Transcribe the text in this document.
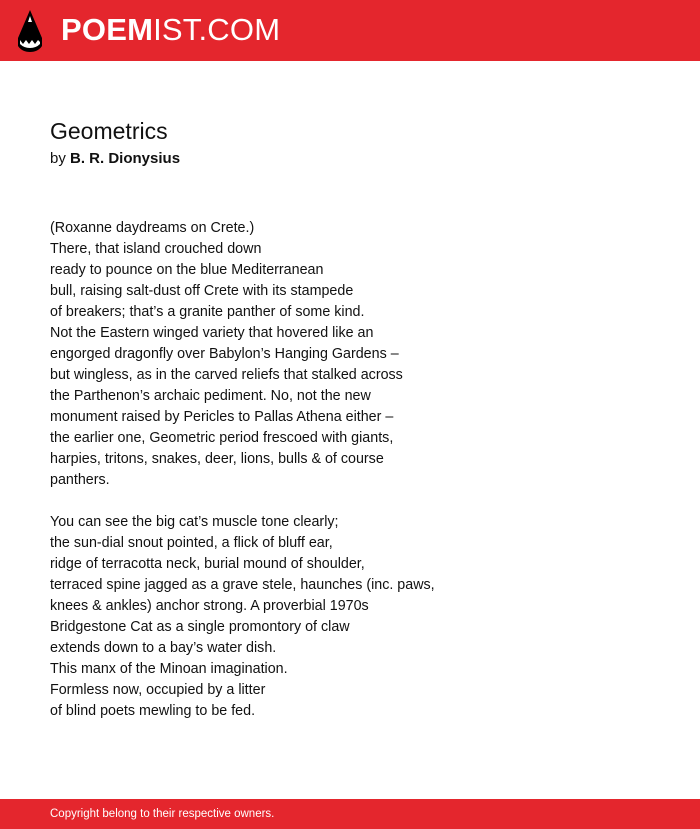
POEMIST.COM
Geometrics
by B. R. Dionysius
(Roxanne daydreams on Crete.)
There, that island crouched down
ready to pounce on the blue Mediterranean
bull, raising salt-dust off Crete with its stampede
of breakers; that’s a granite panther of some kind.
Not the Eastern winged variety that hovered like an
engorged dragonfly over Babylon’s Hanging Gardens –
but wingless, as in the carved reliefs that stalked across
the Parthenon’s archaic pediment. No, not the new
monument raised by Pericles to Pallas Athena either –
the earlier one, Geometric period frescoed with giants,
harpies, tritons, snakes, deer, lions, bulls & of course
panthers.
You can see the big cat’s muscle tone clearly;
the sun-dial snout pointed, a flick of bluff ear,
ridge of terracotta neck, burial mound of shoulder,
terraced spine jagged as a grave stele, haunches (inc. paws,
knees & ankles) anchor strong. A proverbial 1970s
Bridgestone Cat as a single promontory of claw
extends down to a bay’s water dish.
This manx of the Minoan imagination.
Formless now, occupied by a litter
of blind poets mewling to be fed.
Copyright belong to their respective owners.
